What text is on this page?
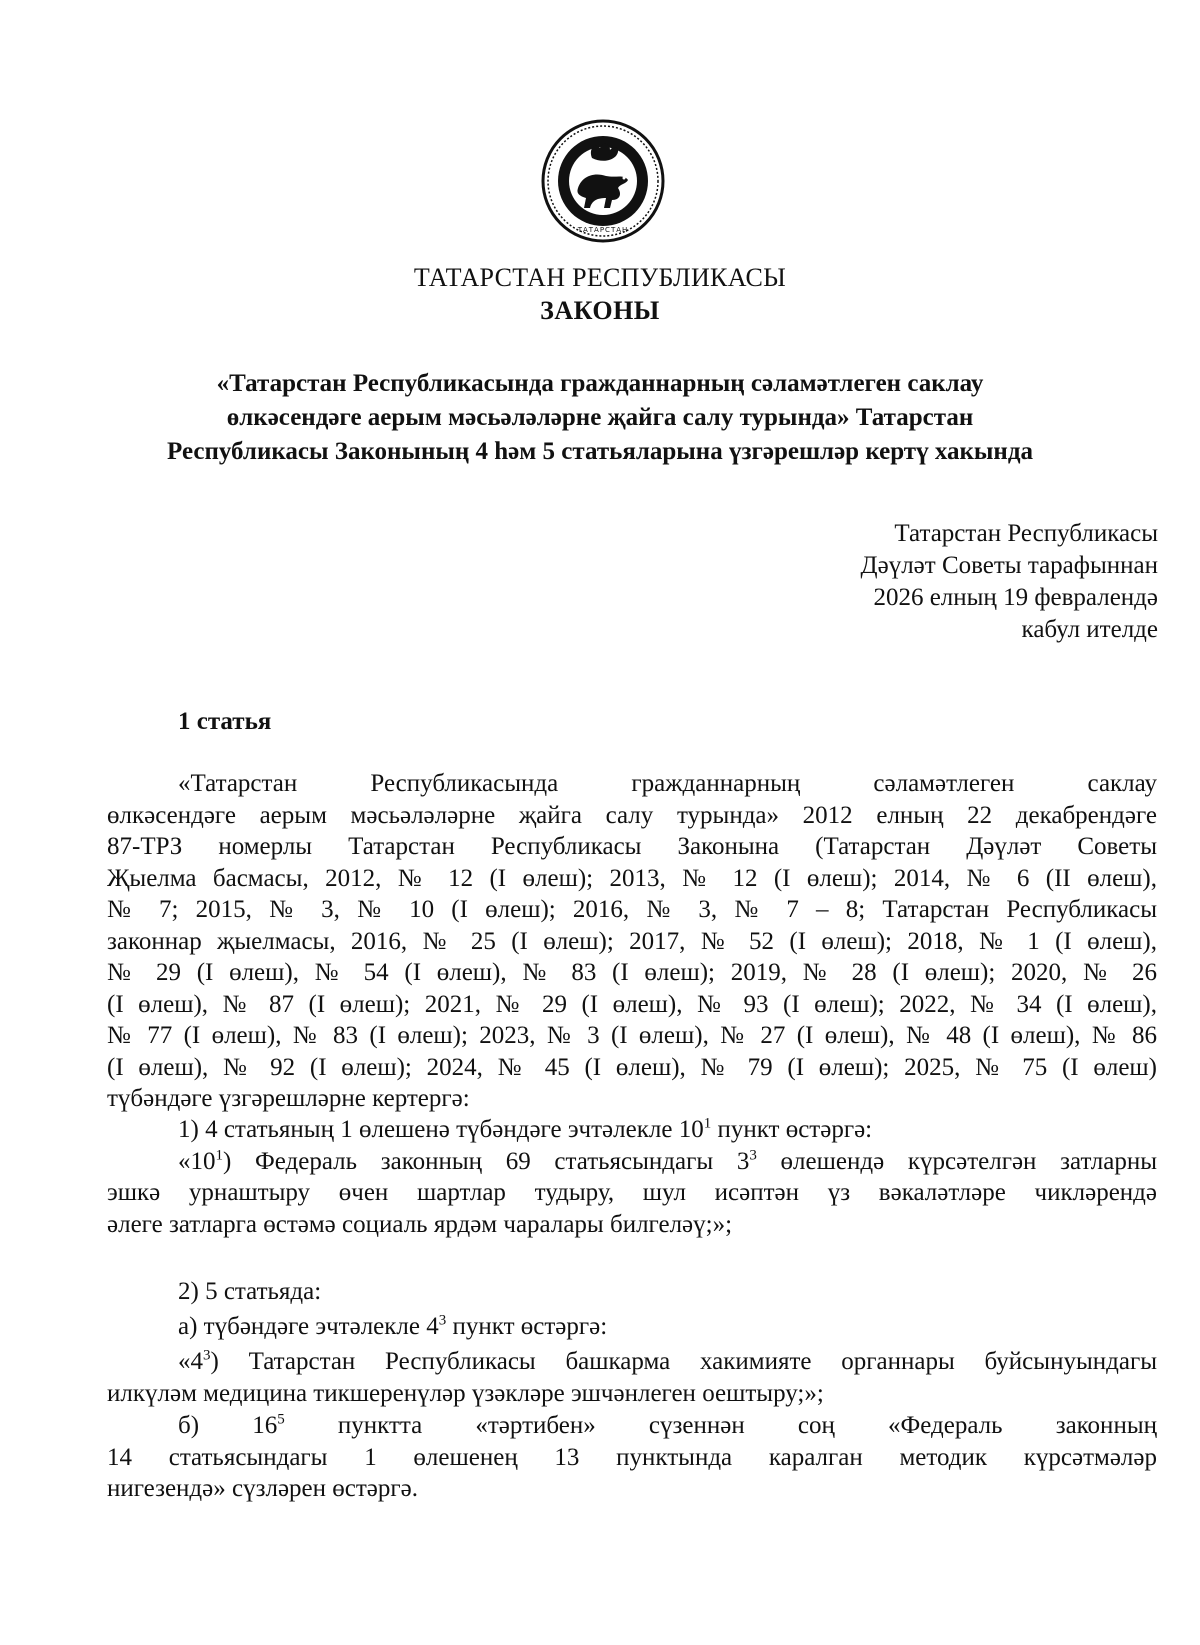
ТАТАРСТАН
ТАТАРСТАН РЕСПУБЛИКАСЫ
ЗАКОНЫ
«Татарстан Республикасында гражданнарның сәламәтлеген саклау
өлкәсендәге аерым мәсьәләләрне җайга салу турында» Татарстан
Республикасы Законының 4 һәм 5 статьяларына үзгәрешләр кертү хакында
Татарстан Республикасы
Дәүләт Советы тарафыннан
2026 елның 19 февралендә
кабул ителде
1 статья
«Татарстан Республикасында гражданнарның сәламәтлеген саклау
өлкәсендәге аерым мәсьәләләрне җайга салу турында» 2012 елның 22 декабрендәге
87-ТРЗ номерлы Татарстан Республикасы Законына (Татарстан Дәүләт Советы
Җыелма басмасы, 2012, № 12 (I өлеш); 2013, № 12 (I өлеш); 2014, № 6 (II өлеш),
№ 7; 2015, № 3, № 10 (I өлеш); 2016, № 3, № 7 – 8; Татарстан Республикасы
законнар җыелмасы, 2016, № 25 (I өлеш); 2017, № 52 (I өлеш); 2018, № 1 (I өлеш),
№ 29 (I өлеш), № 54 (I өлеш), № 83 (I өлеш); 2019, № 28 (I өлеш); 2020, № 26
(I өлеш), № 87 (I өлеш); 2021, № 29 (I өлеш), № 93 (I өлеш); 2022, № 34 (I өлеш),
№ 77 (I өлеш), № 83 (I өлеш); 2023, № 3 (I өлеш), № 27 (I өлеш), № 48 (I өлеш), № 86
(I өлеш), № 92 (I өлеш); 2024, № 45 (I өлеш), № 79 (I өлеш); 2025, № 75 (I өлеш)
түбәндәге үзгәрешләрне кертергә:
1) 4 статьяның 1 өлешенә түбәндәге эчтәлекле $10^1$ пункт өстәргә:
«$10^1$) Федераль законның 69 статьясындагы $3^3$ өлешендә күрсәтелгән затларны
эшкә урнаштыру өчен шартлар тудыру, шул исәптән үз вәкаләтләре чикләрендә
әлеге затларга өстәмә социаль ярдәм чаралары билгеләү;»;
2) 5 статьяда:
а) түбәндәге эчтәлекле $4^3$ пункт өстәргә:
«$4^3$) Татарстан Республикасы башкарма хакимияте органнары буйсынуындагы
илкүләм медицина тикшеренүләр үзәкләре эшчәнлеген оештыру;»;
б) $16^5$ пунктта «тәртибен» сүзеннән соң «Федераль законның
14 статьясындагы 1 өлешенең 13 пунктында каралган методик күрсәтмәләр
нигезендә» сүзләрен өстәргә.
